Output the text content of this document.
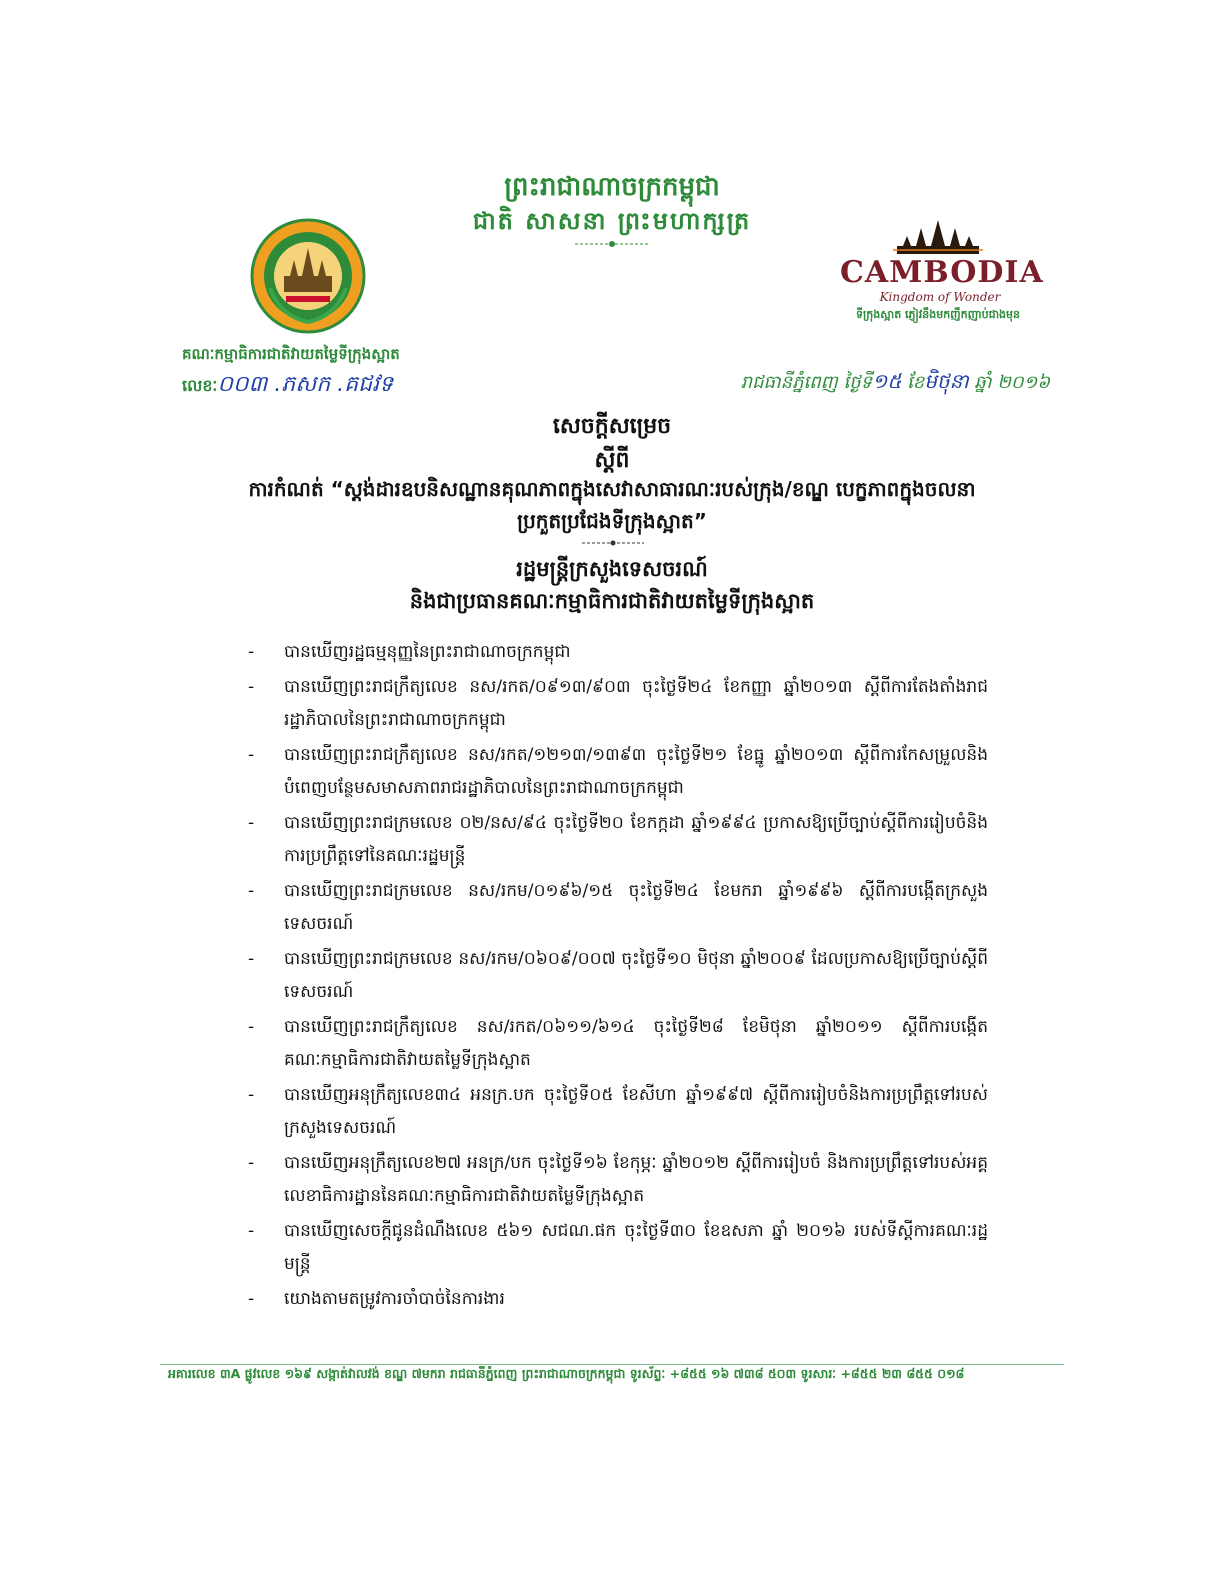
ព្រះរាជាណាចក្រកម្ពុជា
ជាតិ សាសនា ព្រះមហាក្សត្រ
គណៈកម្មាធិការជាតិវាយតម្លៃទីក្រុងស្អាត
លេខៈ០០៣ .ភសក .គជវទ
CAMBODIA
Kingdom of Wonder
ទីក្រុងស្អាត ភ្ញៀវនឹងមកញឹកញាប់ជាងមុន
រាជធានីភ្នំពេញ ថ្ងៃទី១៥ ខែមិថុនា ឆ្នាំ ២០១៦
សេចក្តីសម្រេច
ស្តីពី
ការកំណត់ “ស្តង់ដារឧបនិសណ្ឋានគុណភាពក្នុងសេវាសាធារណៈរបស់ក្រុង/ខណ្ឌ បេក្ខភាពក្នុងចលនា
ប្រកួតប្រជែងទីក្រុងស្អាត”
រដ្ឋមន្ត្រីក្រសួងទេសចរណ៍
និងជាប្រធានគណៈកម្មាធិការជាតិវាយតម្លៃទីក្រុងស្អាត
- បានឃើញរដ្ឋធម្មនុញ្ញនៃព្រះរាជាណាចក្រកម្ពុជា
- បានឃើញព្រះរាជក្រឹត្យលេខ នស/រកត/០៩១៣/៩០៣ ចុះថ្ងៃទី២៤ ខែកញ្ញា ឆ្នាំ២០១៣ ស្តីពីការតែងតាំងរាជរដ្ឋាភិបាលនៃព្រះរាជាណាចក្រកម្ពុជា
- បានឃើញព្រះរាជក្រឹត្យលេខ នស/រកត/១២១៣/១៣៩៣ ចុះថ្ងៃទី២១ ខែធ្នូ ឆ្នាំ២០១៣ ស្តីពីការកែសម្រួលនិងបំពេញបន្ថែមសមាសភាពរាជរដ្ឋាភិបាលនៃព្រះរាជាណាចក្រកម្ពុជា
- បានឃើញព្រះរាជក្រមលេខ ០២/នស/៩៤ ចុះថ្ងៃទី២០ ខែកក្កដា ឆ្នាំ១៩៩៤ ប្រកាសឱ្យប្រើច្បាប់ស្តីពីការរៀបចំនិងការប្រព្រឹត្តទៅនៃគណៈរដ្ឋមន្ត្រី
- បានឃើញព្រះរាជក្រមលេខ នស/រកម/០១៩៦/១៥ ចុះថ្ងៃទី២៤ ខែមករា ឆ្នាំ១៩៩៦ ស្តីពីការបង្កើតក្រសួងទេសចរណ៍
- បានឃើញព្រះរាជក្រមលេខ នស/រកម/០៦០៩/០០៧ ចុះថ្ងៃទី១០ មិថុនា ឆ្នាំ២០០៩ ដែលប្រកាសឱ្យប្រើច្បាប់ស្តីពីទេសចរណ៍
- បានឃើញព្រះរាជក្រឹត្យលេខ នស/រកត/០៦១១/៦១៤ ចុះថ្ងៃទី២៨ ខែមិថុនា ឆ្នាំ២០១១ ស្តីពីការបង្កើតគណៈកម្មាធិការជាតិវាយតម្លៃទីក្រុងស្អាត
- បានឃើញអនុក្រឹត្យលេខ៣៤ អនក្រ.បក ចុះថ្ងៃទី០៥ ខែសីហា ឆ្នាំ១៩៩៧ ស្តីពីការរៀបចំនិងការប្រព្រឹត្តទៅរបស់ក្រសួងទេសចរណ៍
- បានឃើញអនុក្រឹត្យលេខ២៧ អនក្រ/បក ចុះថ្ងៃទី១៦ ខែកុម្ភៈ ឆ្នាំ២០១២ ស្តីពីការរៀបចំ និងការប្រព្រឹត្តទៅរបស់អគ្គលេខាធិការដ្ឋាននៃគណៈកម្មាធិការជាតិវាយតម្លៃទីក្រុងស្អាត
- បានឃើញសេចក្តីជូនដំណឹងលេខ ៥៦១ សជណ.ផក ចុះថ្ងៃទី៣០ ខែឧសភា ឆ្នាំ ២០១៦ របស់ទីស្តីការគណៈរដ្ឋមន្ត្រី
- យោងតាមតម្រូវការចាំបាច់នៃការងារ
អគារលេខ ៣A ផ្លូវលេខ ១៦៩ សង្កាត់វាលវង់ ខណ្ឌ ៧មករា រាជធានីភ្នំពេញ ព្រះរាជាណាចក្រកម្ពុជា ទូរស័ព្ទៈ +៨៥៥ ១៦ ៧៣៨ ៥០៣ ទូរសារៈ +៨៥៥ ២៣ ៨៥៥ ០១៨
